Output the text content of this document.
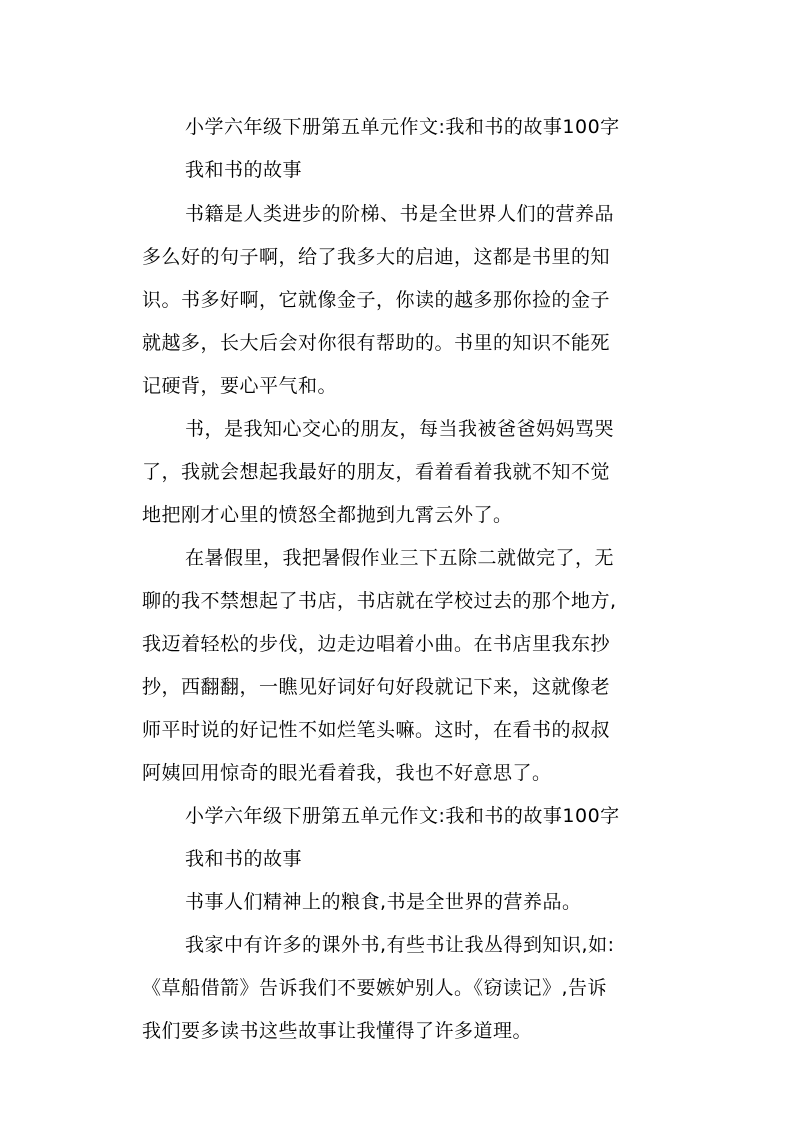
小学六年级下册第五单元作文:我和书的故事100字
我和书的故事
书籍是人类进步的阶梯、书是全世界人们的营养品
多么好的句子啊，给了我多大的启迪，这都是书里的知
识。书多好啊，它就像金子，你读的越多那你捡的金子
就越多，长大后会对你很有帮助的。书里的知识不能死
记硬背，要心平气和。
书，是我知心交心的朋友，每当我被爸爸妈妈骂哭
了，我就会想起我最好的朋友，看着看着我就不知不觉
地把刚才心里的愤怒全都抛到九霄云外了。
在暑假里，我把暑假作业三下五除二就做完了，无
聊的我不禁想起了书店，书店就在学校过去的那个地方,
我迈着轻松的步伐，边走边唱着小曲。在书店里我东抄
抄，西翻翻，一瞧见好词好句好段就记下来，这就像老
师平时说的好记性不如烂笔头嘛。这时，在看书的叔叔
阿姨回用惊奇的眼光看着我，我也不好意思了。
小学六年级下册第五单元作文:我和书的故事100字
我和书的故事
书事人们精神上的粮食,书是全世界的营养品。
我家中有许多的课外书,有些书让我丛得到知识,如:
《草船借箭》告诉我们不要嫉妒别人。《窃读记》,告诉
我们要多读书这些故事让我懂得了许多道理。
